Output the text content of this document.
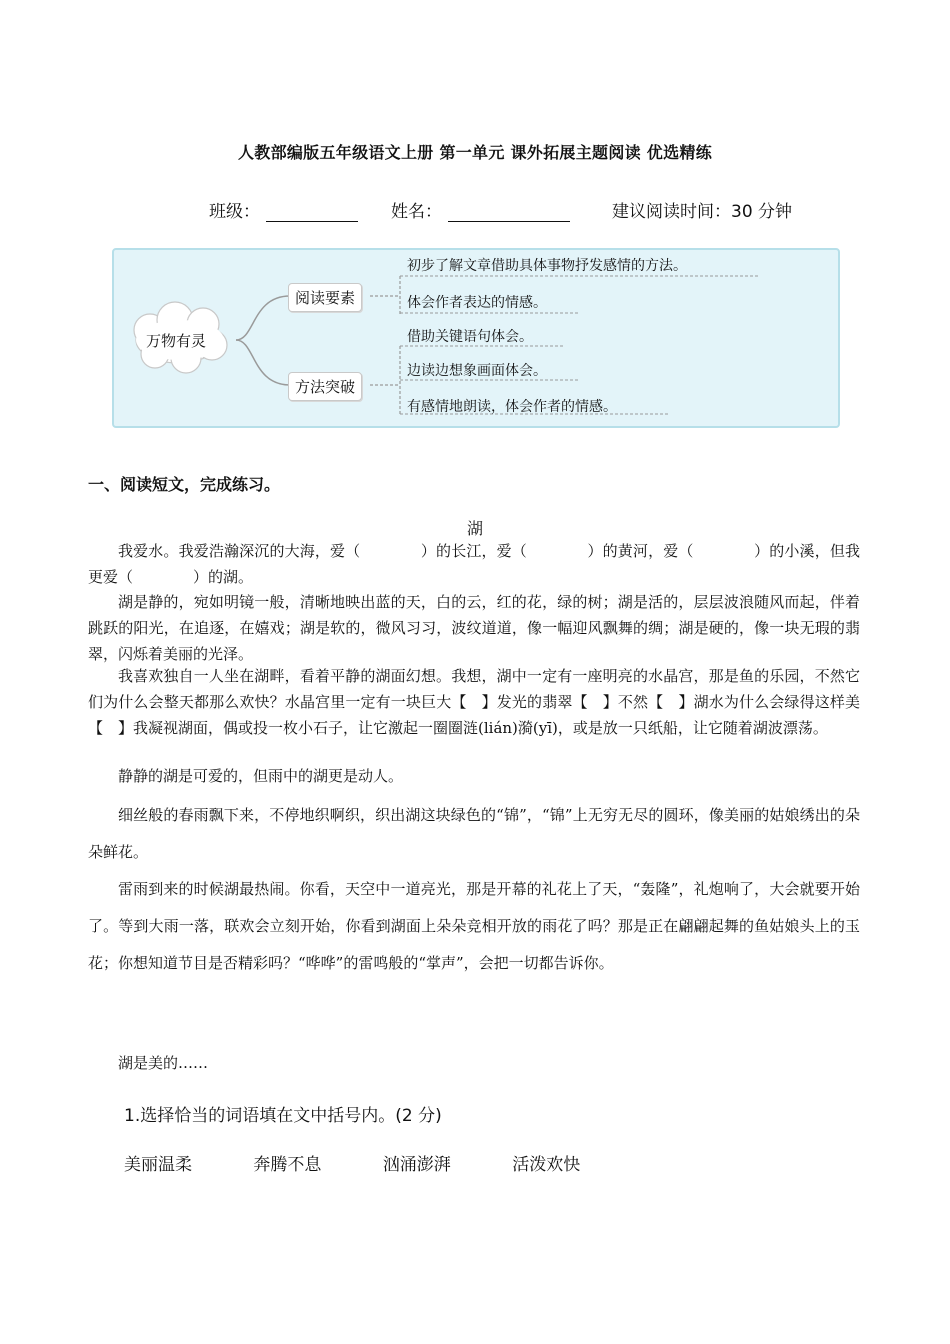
人教部编版五年级语文上册 第一单元 课外拓展主题阅读 优选精练
班级：	姓名：	建议阅读时间：30 分钟
万物有灵
阅读要素
方法突破
初步了解文章借助具体事物抒发感情的方法。
体会作者表达的情感。
借助关键语句体会。
边读边想象画面体会。
有感情地朗读，体会作者的情感。
一、阅读短文，完成练习。
湖
我爱水。我爱浩瀚深沉的大海，爱（　　　　）的长江，爱（　　　　）的黄河，爱（　　　　）的小溪，但我更爱（　　　　）的湖。
湖是静的，宛如明镜一般，清晰地映出蓝的天，白的云，红的花，绿的树；湖是活的，层层波浪随风而起，伴着跳跃的阳光，在追逐，在嬉戏；湖是软的，微风习习，波纹道道，像一幅迎风飘舞的绸；湖是硬的，像一块无瑕的翡翠，闪烁着美丽的光泽。
我喜欢独自一人坐在湖畔，看着平静的湖面幻想。我想，湖中一定有一座明亮的水晶宫，那是鱼的乐园，不然它们为什么会整天都那么欢快？水晶宫里一定有一块巨大【　】发光的翡翠【　】不然【　】湖水为什么会绿得这样美【　】我凝视湖面，偶或投一枚小石子，让它激起一圈圈涟(lián)漪(yī)，或是放一只纸船，让它随着湖波漂荡。
静静的湖是可爱的，但雨中的湖更是动人。
细丝般的春雨飘下来，不停地织啊织，织出湖这块绿色的“锦”，“锦”上无穷无尽的圆环，像美丽的姑娘绣出的朵朵鲜花。
雷雨到来的时候湖最热闹。你看，天空中一道亮光，那是开幕的礼花上了天，“轰隆”，礼炮响了，大会就要开始了。等到大雨一落，联欢会立刻开始，你看到湖面上朵朵竞相开放的雨花了吗？那是正在翩翩起舞的鱼姑娘头上的玉花；你想知道节目是否精彩吗？“哗哗”的雷鸣般的“掌声”，会把一切都告诉你。
湖是美的……
1.选择恰当的词语填在文中括号内。(2 分)
美丽温柔	奔腾不息	汹涌澎湃	活泼欢快
